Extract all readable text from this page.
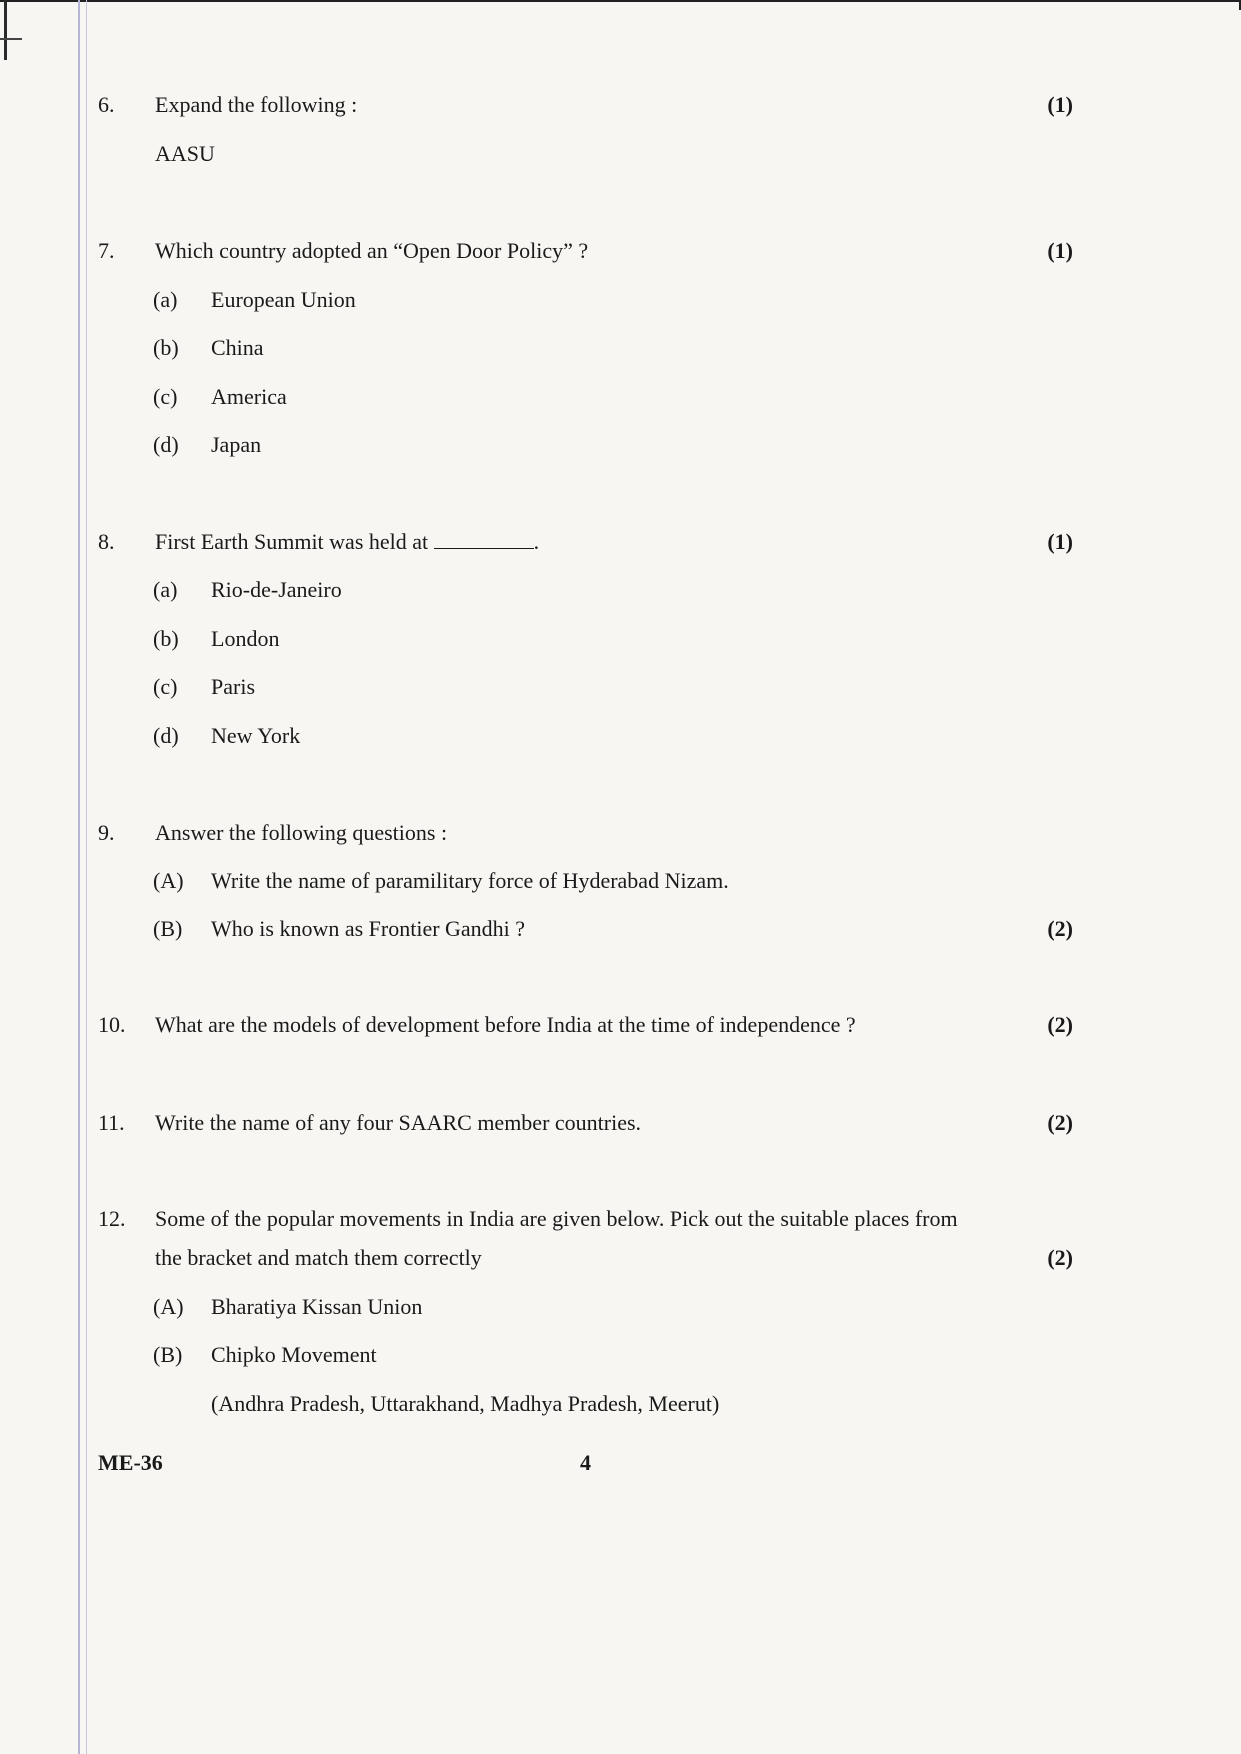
6. Expand the following :	(1)
AASU
7. Which country adopted an “Open Door Policy” ?	(1)
(a) European Union
(b) China
(c) America
(d) Japan
8. First Earth Summit was held at	.	(1)
(a) Rio-de-Janeiro
(b) London
(c) Paris
(d) New York
9. Answer the following questions :
(A) Write the name of paramilitary force of Hyderabad Nizam.
(B) Who is known as Frontier Gandhi ?	(2)
10. What are the models of development before India at the time of independence ?	(2)
11. Write the name of any four SAARC member countries.	(2)
12. Some of the popular movements in India are given below. Pick out the suitable places from
the bracket and match them correctly	(2)
(A) Bharatiya Kissan Union
(B) Chipko Movement
(Andhra Pradesh, Uttarakhand, Madhya Pradesh, Meerut)
ME-36	4
